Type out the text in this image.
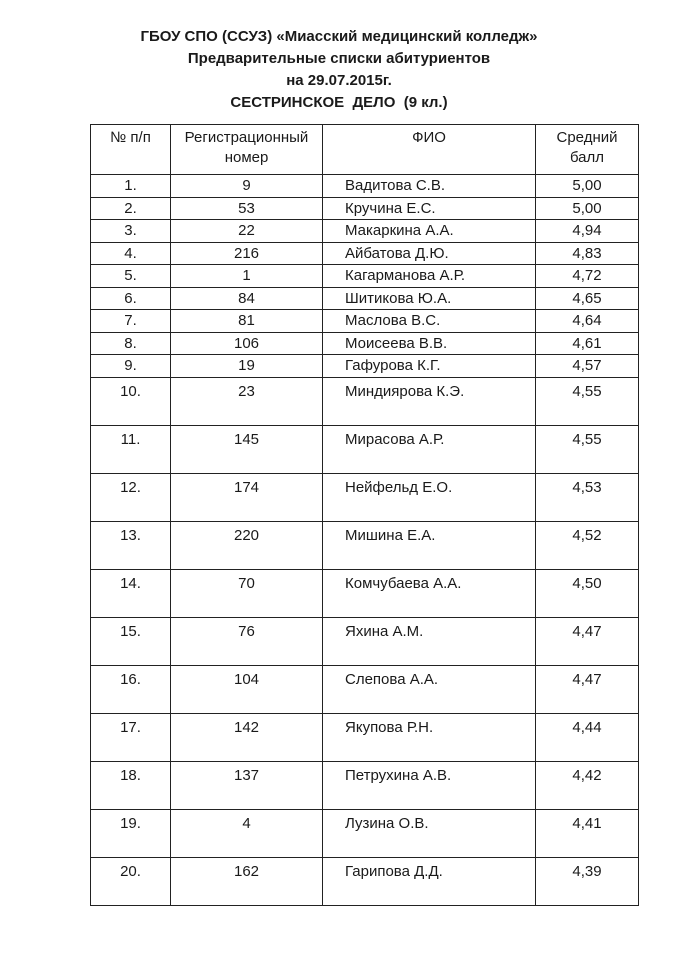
ГБОУ СПО (ССУЗ) «Миасский медицинский колледж»
Предварительные списки абитуриентов
на 29.07.2015г.
СЕСТРИНСКОЕ  ДЕЛО  (9 кл.)
№ п/п	Регистрационный номер	ФИО	Средний балл
1.	9	Вадитова С.В.	5,00
2.	53	Кручина Е.С.	5,00
3.	22	Макаркина А.А.	4,94
4.	216	Айбатова Д.Ю.	4,83
5.	1	Кагарманова А.Р.	4,72
6.	84	Шитикова Ю.А.	4,65
7.	81	Маслова В.С.	4,64
8.	106	Моисеева В.В.	4,61
9.	19	Гафурова К.Г.	4,57
10.	23	Миндиярова К.Э.	4,55
11.	145	Мирасова А.Р.	4,55
12.	174	Нейфельд Е.О.	4,53
13.	220	Мишина Е.А.	4,52
14.	70	Комчубаева А.А.	4,50
15.	76	Яхина А.М.	4,47
16.	104	Слепова А.А.	4,47
17.	142	Якупова Р.Н.	4,44
18.	137	Петрухина А.В.	4,42
19.	4	Лузина О.В.	4,41
20.	162	Гарипова Д.Д.	4,39
